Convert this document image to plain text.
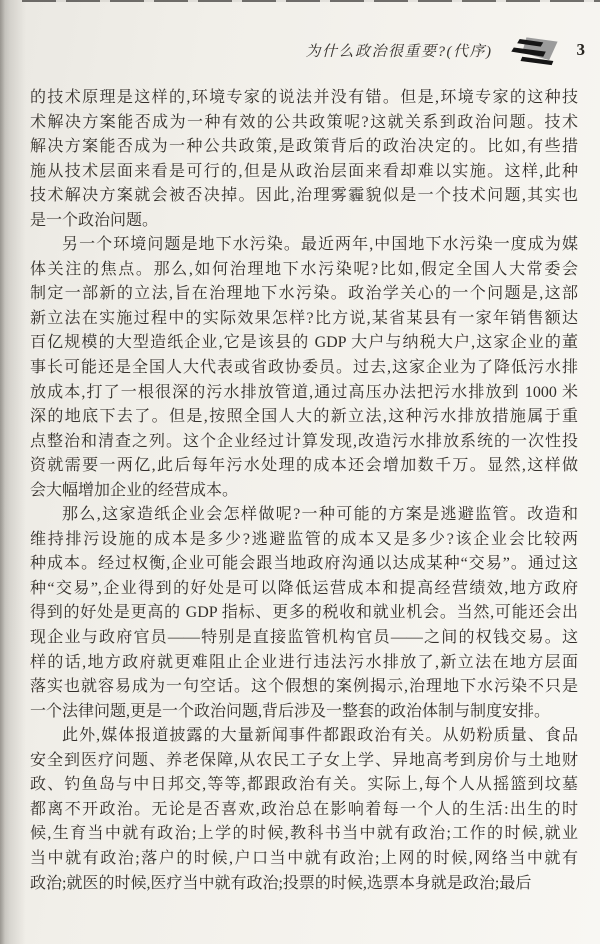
为什么政治很重要?(代序)	3
的技术原理是这样的,环境专家的说法并没有错。但是,环境专家的这种技
术解决方案能否成为一种有效的公共政策呢?这就关系到政治问题。技术
解决方案能否成为一种公共政策,是政策背后的政治决定的。比如,有些措
施从技术层面来看是可行的,但是从政治层面来看却难以实施。这样,此种
技术解决方案就会被否决掉。因此,治理雾霾貌似是一个技术问题,其实也
是一个政治问题。
另一个环境问题是地下水污染。最近两年,中国地下水污染一度成为媒
体关注的焦点。那么,如何治理地下水污染呢?比如,假定全国人大常委会
制定一部新的立法,旨在治理地下水污染。政治学关心的一个问题是,这部
新立法在实施过程中的实际效果怎样?比方说,某省某县有一家年销售额达
百亿规模的大型造纸企业,它是该县的 GDP 大户与纳税大户,这家企业的董
事长可能还是全国人大代表或省政协委员。过去,这家企业为了降低污水排
放成本,打了一根很深的污水排放管道,通过高压办法把污水排放到 1000 米
深的地底下去了。但是,按照全国人大的新立法,这种污水排放措施属于重
点整治和清查之列。这个企业经过计算发现,改造污水排放系统的一次性投
资就需要一两亿,此后每年污水处理的成本还会增加数千万。显然,这样做
会大幅增加企业的经营成本。
那么,这家造纸企业会怎样做呢?一种可能的方案是逃避监管。改造和
维持排污设施的成本是多少?逃避监管的成本又是多少?该企业会比较两
种成本。经过权衡,企业可能会跟当地政府沟通以达成某种“交易”。通过这
种“交易”,企业得到的好处是可以降低运营成本和提高经营绩效,地方政府
得到的好处是更高的 GDP 指标、更多的税收和就业机会。当然,可能还会出
现企业与政府官员——特别是直接监管机构官员——之间的权钱交易。这
样的话,地方政府就更难阻止企业进行违法污水排放了,新立法在地方层面
落实也就容易成为一句空话。这个假想的案例揭示,治理地下水污染不只是
一个法律问题,更是一个政治问题,背后涉及一整套的政治体制与制度安排。
此外,媒体报道披露的大量新闻事件都跟政治有关。从奶粉质量、食品
安全到医疗问题、养老保障,从农民工子女上学、异地高考到房价与土地财
政、钓鱼岛与中日邦交,等等,都跟政治有关。实际上,每个人从摇篮到坟墓
都离不开政治。无论是否喜欢,政治总在影响着每一个人的生活:出生的时
候,生育当中就有政治;上学的时候,教科书当中就有政治;工作的时候,就业
当中就有政治;落户的时候,户口当中就有政治;上网的时候,网络当中就有
政治;就医的时候,医疗当中就有政治;投票的时候,选票本身就是政治;最后
